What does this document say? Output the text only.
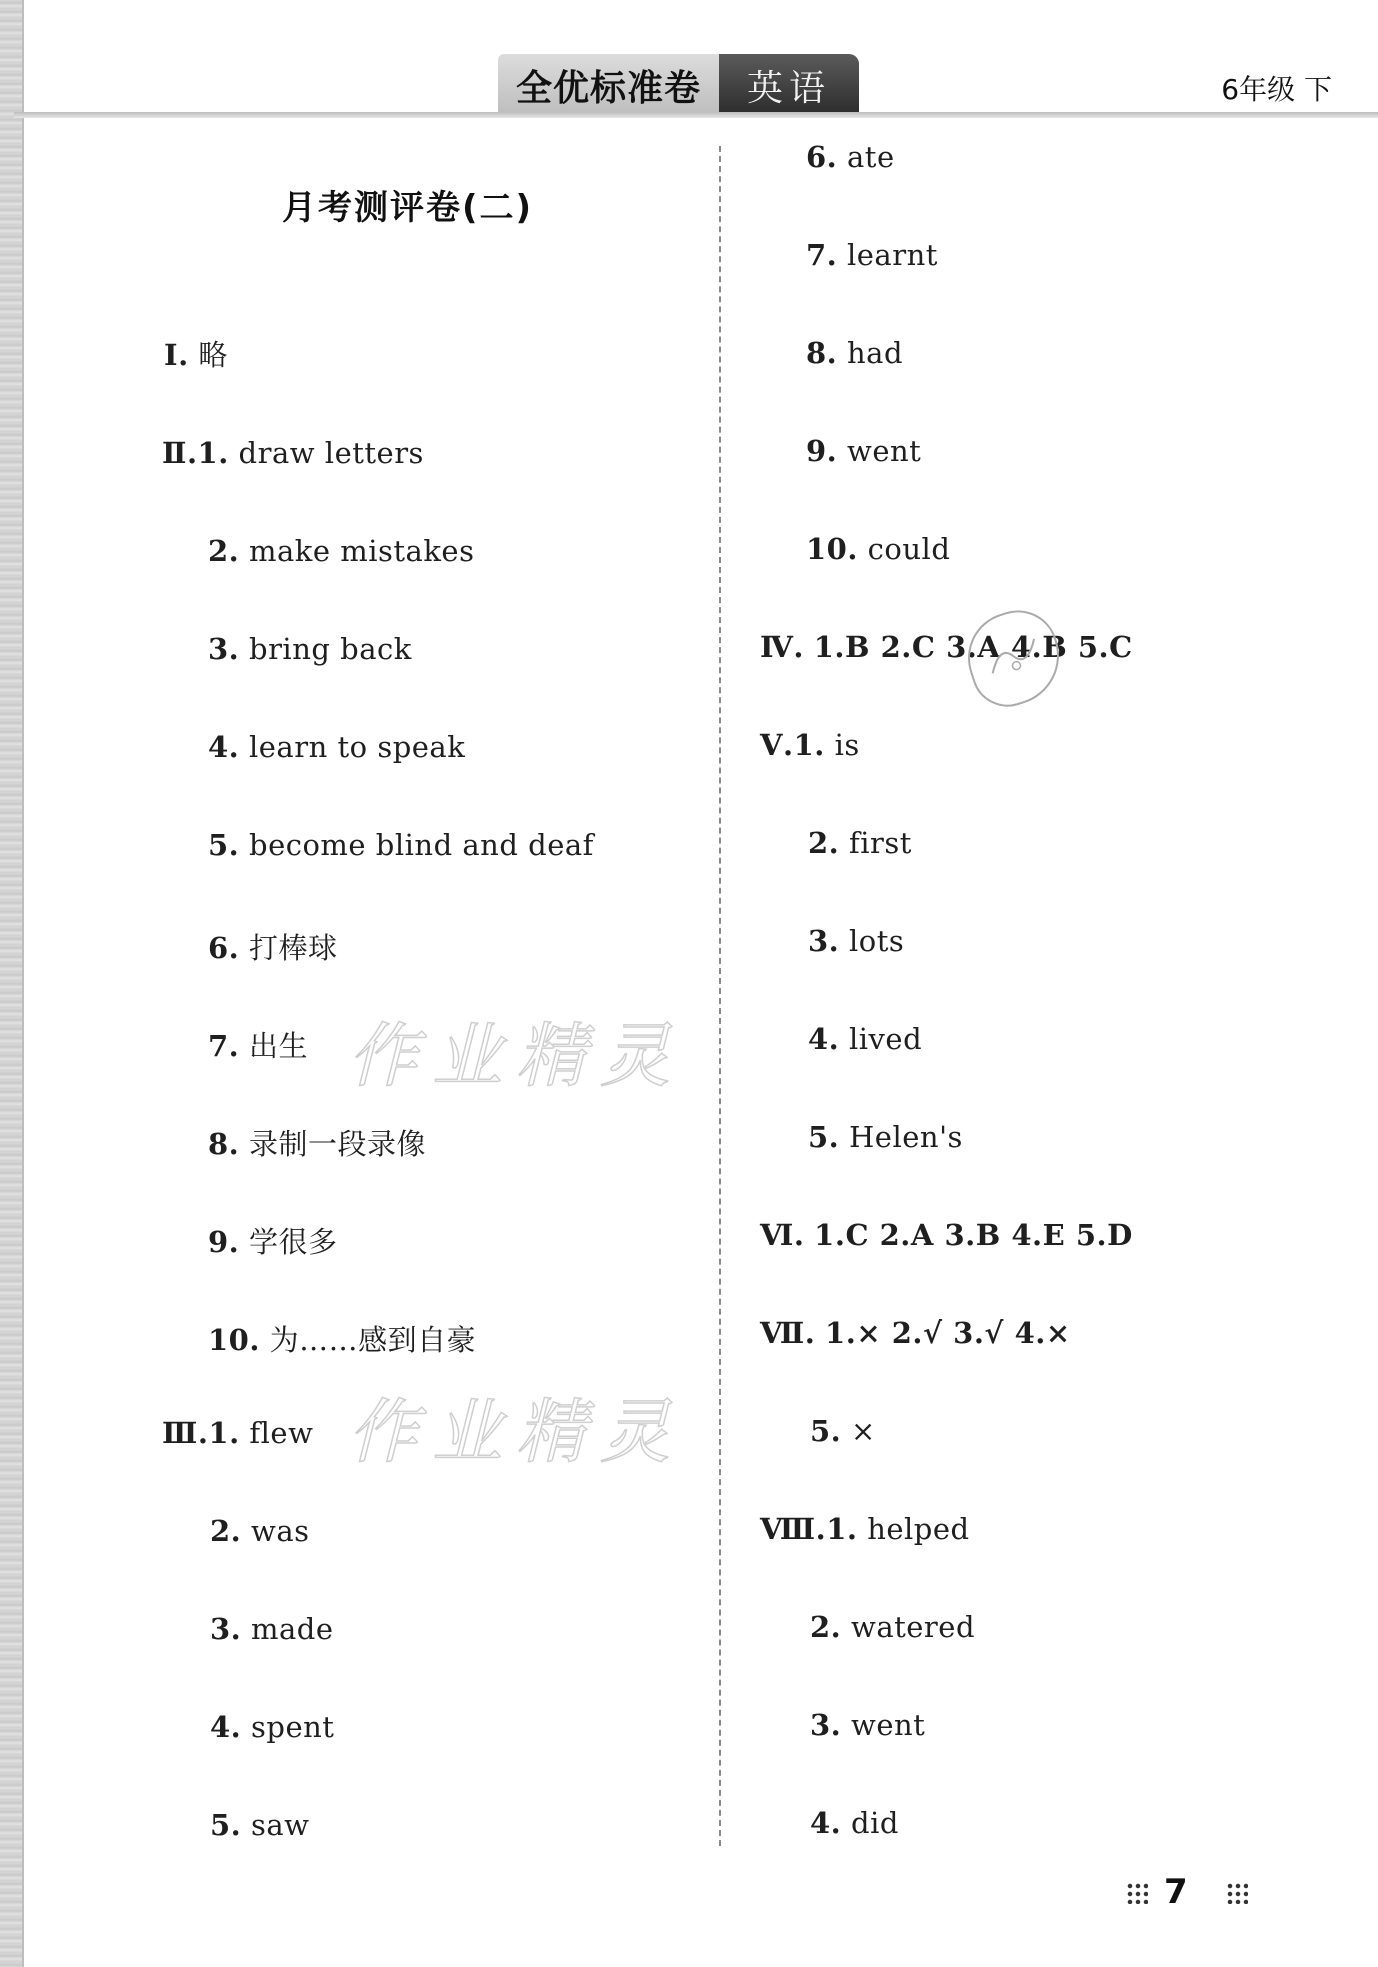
全优标准卷	英语	6年级 下
月考测评卷(二)
Ⅰ. 略
Ⅱ.1. draw letters
2. make mistakes
3. bring back
4. learn to speak
5. become blind and deaf
6. 打棒球
7. 出生
8. 录制一段录像
9. 学很多
10. 为……感到自豪
Ⅲ.1. flew
2. was
3. made
4. spent
5. saw
6. ate
7. learnt
8. had
9. went
10. could
Ⅳ. 1.B 2.C 3.A 4.B 5.C
Ⅴ.1. is
2. first
3. lots
4. lived
5. Helen's
Ⅵ. 1.C 2.A 3.B 4.E 5.D
Ⅶ. 1.× 2.√ 3.√ 4.×
5. ×
Ⅷ.1. helped
2. watered
3. went
4. did
作业精灵
作业精灵
7
